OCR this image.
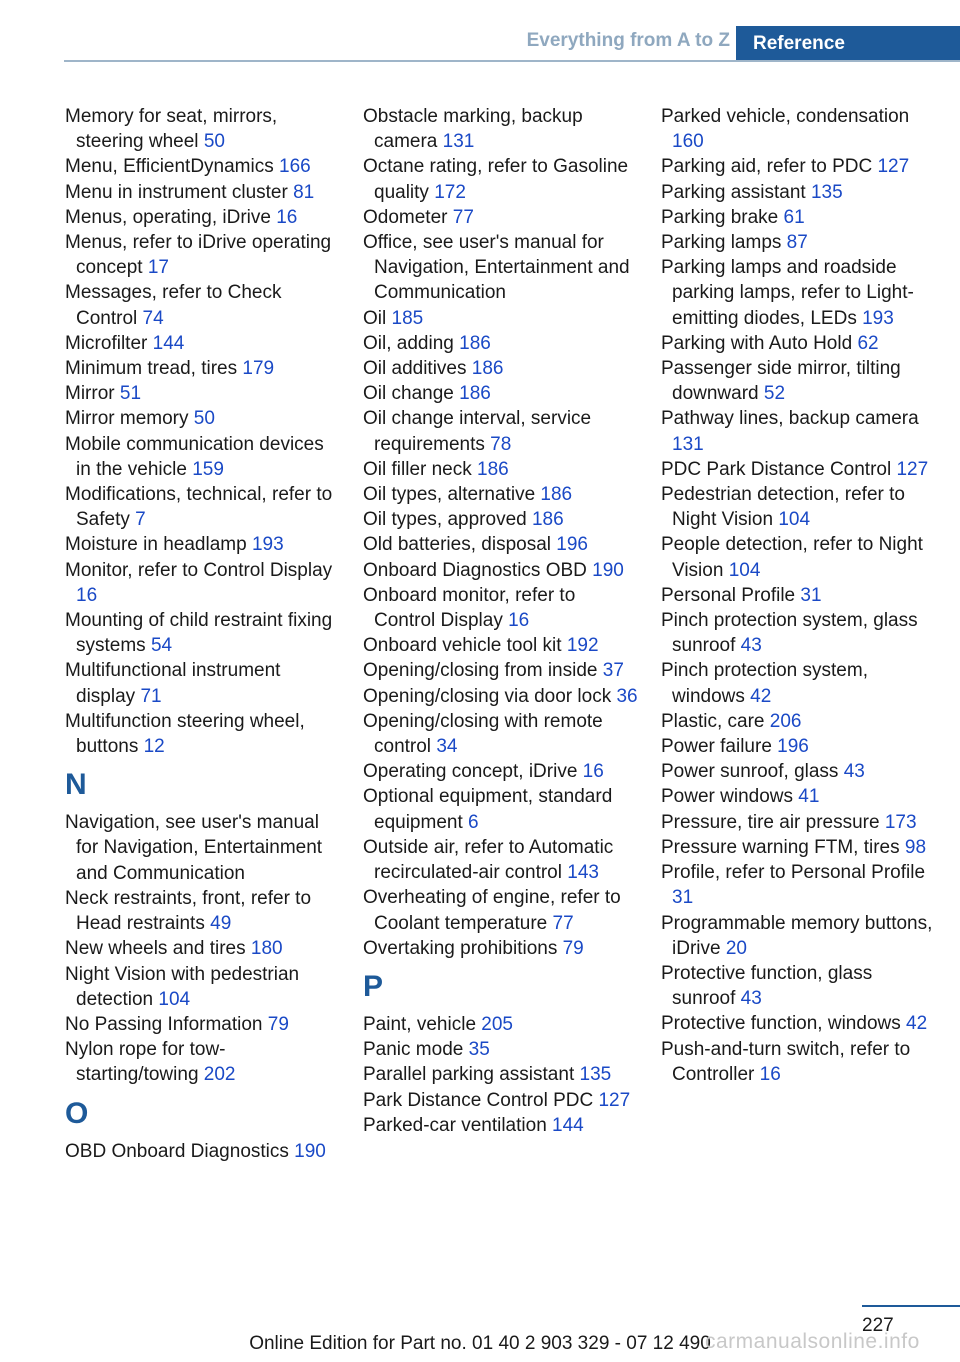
Everything from A to Z	Reference
Memory for seat, mirrors, steering wheel 50
Menu, EfficientDynamics 166
Menu in instrument cluster 81
Menus, operating, iDrive 16
Menus, refer to iDrive operating concept 17
Messages, refer to Check Control 74
Microfilter 144
Minimum tread, tires 179
Mirror 51
Mirror memory 50
Mobile communication devices in the vehicle 159
Modifications, technical, refer to Safety 7
Moisture in headlamp 193
Monitor, refer to Control Display 16
Mounting of child restraint fixing systems 54
Multifunctional instrument display 71
Multifunction steering wheel, buttons 12
N
Navigation, see user's manual for Navigation, Entertainment and Communication
Neck restraints, front, refer to Head restraints 49
New wheels and tires 180
Night Vision with pedestrian detection 104
No Passing Information 79
Nylon rope for tow-starting/towing 202
O
OBD Onboard Diagnostics 190
Obstacle marking, backup camera 131
Octane rating, refer to Gasoline quality 172
Odometer 77
Office, see user's manual for Navigation, Entertainment and Communication
Oil 185
Oil, adding 186
Oil additives 186
Oil change 186
Oil change interval, service requirements 78
Oil filler neck 186
Oil types, alternative 186
Oil types, approved 186
Old batteries, disposal 196
Onboard Diagnostics OBD 190
Onboard monitor, refer to Control Display 16
Onboard vehicle tool kit 192
Opening/closing from inside 37
Opening/closing via door lock 36
Opening/closing with remote control 34
Operating concept, iDrive 16
Optional equipment, standard equipment 6
Outside air, refer to Automatic recirculated-air control 143
Overheating of engine, refer to Coolant temperature 77
Overtaking prohibitions 79
P
Paint, vehicle 205
Panic mode 35
Parallel parking assistant 135
Park Distance Control PDC 127
Parked-car ventilation 144
Parked vehicle, condensation 160
Parking aid, refer to PDC 127
Parking assistant 135
Parking brake 61
Parking lamps 87
Parking lamps and roadside parking lamps, refer to Light-emitting diodes, LEDs 193
Parking with Auto Hold 62
Passenger side mirror, tilting downward 52
Pathway lines, backup camera 131
PDC Park Distance Control 127
Pedestrian detection, refer to Night Vision 104
People detection, refer to Night Vision 104
Personal Profile 31
Pinch protection system, glass sunroof 43
Pinch protection system, windows 42
Plastic, care 206
Power failure 196
Power sunroof, glass 43
Power windows 41
Pressure, tire air pressure 173
Pressure warning FTM, tires 98
Profile, refer to Personal Profile 31
Programmable memory buttons, iDrive 20
Protective function, glass sunroof 43
Protective function, windows 42
Push-and-turn switch, refer to Controller 16
227
Online Edition for Part no. 01 40 2 903 329 - 07 12 490
carmanualsonline.info
